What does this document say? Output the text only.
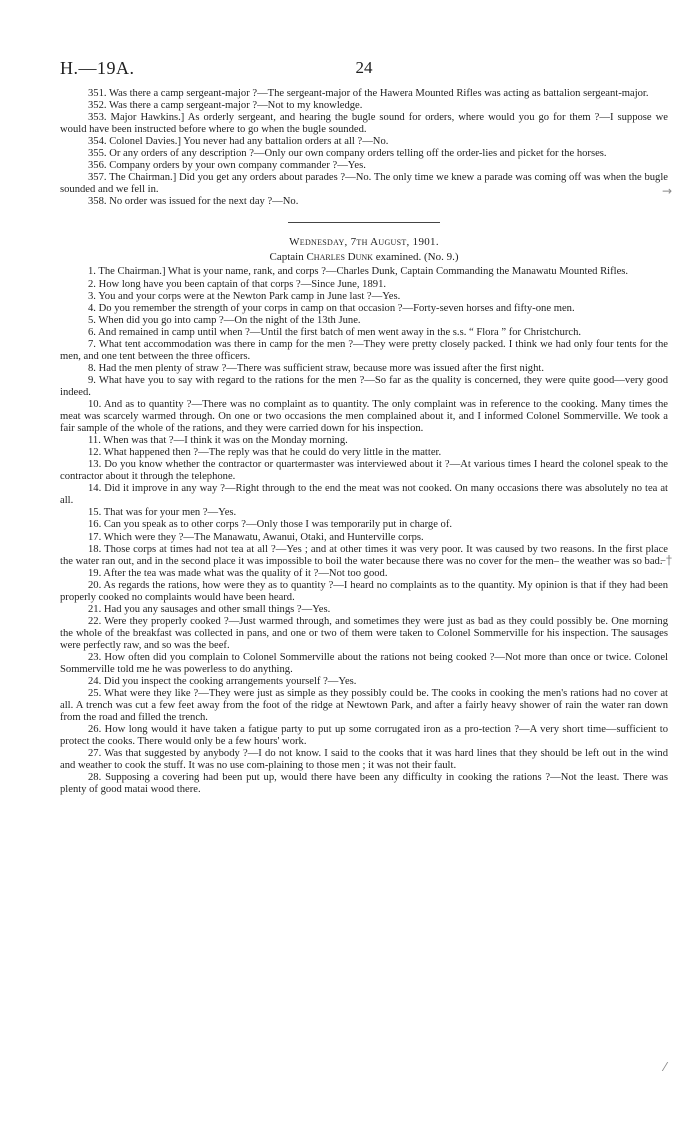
H.—19A.	24

351. Was there a camp sergeant-major ?—The sergeant-major of the Hawera Mounted Rifles was acting as battalion sergeant-major.

352. Was there a camp sergeant-major ?—Not to my knowledge.

353. Major Hawkins.] As orderly sergeant, and hearing the bugle sound for orders, where would you go for them ?—I suppose we would have been instructed before where to go when the bugle sounded.

354. Colonel Davies.] You never had any battalion orders at all ?—No.

355. Or any orders of any description ?—Only our own company orders telling off the order-lies and picket for the horses.

356. Company orders by your own company commander ?—Yes.

357. The Chairman.] Did you get any orders about parades ?—No. The only time we knew a parade was coming off was when the bugle sounded and we fell in.

358. No order was issued for the next day ?—No.

Wednesday, 7th August, 1901.

Captain Charles Dunk examined. (No. 9.)

1. The Chairman.] What is your name, rank, and corps ?—Charles Dunk, Captain Commanding the Manawatu Mounted Rifles.

2. How long have you been captain of that corps ?—Since June, 1891.

3. You and your corps were at the Newton Park camp in June last ?—Yes.

4. Do you remember the strength of your corps in camp on that occasion ?—Forty-seven horses and fifty-one men.

5. When did you go into camp ?—On the night of the 13th June.

6. And remained in camp until when ?—Until the first batch of men went away in the s.s. “ Flora ” for Christchurch.

7. What tent accommodation was there in camp for the men ?—They were pretty closely packed. I think we had only four tents for the men, and one tent between the three officers.

8. Had the men plenty of straw ?—There was sufficient straw, because more was issued after the first night.

9. What have you to say with regard to the rations for the men ?—So far as the quality is concerned, they were quite good—very good indeed.

10. And as to quantity ?—There was no complaint as to quantity. The only complaint was in reference to the cooking. Many times the meat was scarcely warmed through. On one or two occasions the men complained about it, and I informed Colonel Sommerville. We took a fair sample of the whole of the rations, and they were carried down for his inspection.

11. When was that ?—I think it was on the Monday morning.

12. What happened then ?—The reply was that he could do very little in the matter.

13. Do you know whether the contractor or quartermaster was interviewed about it ?—At various times I heard the colonel speak to the contractor about it through the telephone.

14. Did it improve in any way ?—Right through to the end the meat was not cooked. On many occasions there was absolutely no tea at all.

15. That was for your men ?—Yes.

16. Can you speak as to other corps ?—Only those I was temporarily put in charge of.

17. Which were they ?—The Manawatu, Awanui, Otaki, and Hunterville corps.

18. Those corps at times had not tea at all ?—Yes ; and at other times it was very poor. It was caused by two reasons. In the first place the water ran out, and in the second place it was impossible to boil the water because there was no cover for the men– the weather was so bad.

19. After the tea was made what was the quality of it ?—Not too good.

20. As regards the rations, how were they as to quantity ?—I heard no complaints as to the quantity. My opinion is that if they had been properly cooked no complaints would have been heard.

21. Had you any sausages and other small things ?—Yes.

22. Were they properly cooked ?—Just warmed through, and sometimes they were just as bad as they could possibly be. One morning the whole of the breakfast was collected in pans, and one or two of them were taken to Colonel Sommerville for his inspection. The sausages were perfectly raw, and so was the beef.

23. How often did you complain to Colonel Sommerville about the rations not being cooked ?—Not more than once or twice. Colonel Sommerville told me he was powerless to do anything.

24. Did you inspect the cooking arrangements yourself ?—Yes.

25. What were they like ?—They were just as simple as they possibly could be. The cooks in cooking the men's rations had no cover at all. A trench was cut a few feet away from the foot of the ridge at Newtown Park, and after a fairly heavy shower of rain the water ran down from the road and filled the trench.

26. How long would it have taken a fatigue party to put up some corrugated iron as a pro-tection ?—A very short time—sufficient to protect the cooks. There would only be a few hours' work.

27. Was that suggested by anybody ?—I do not know. I said to the cooks that it was hard lines that they should be left out in the wind and weather to cook the stuff. It was no use com-plaining to those men ; it was not their fault.

28. Supposing a covering had been put up, would there have been any difficulty in cooking the rations ?—Not the least. There was plenty of good matai wood there.

→
–†
⁄
